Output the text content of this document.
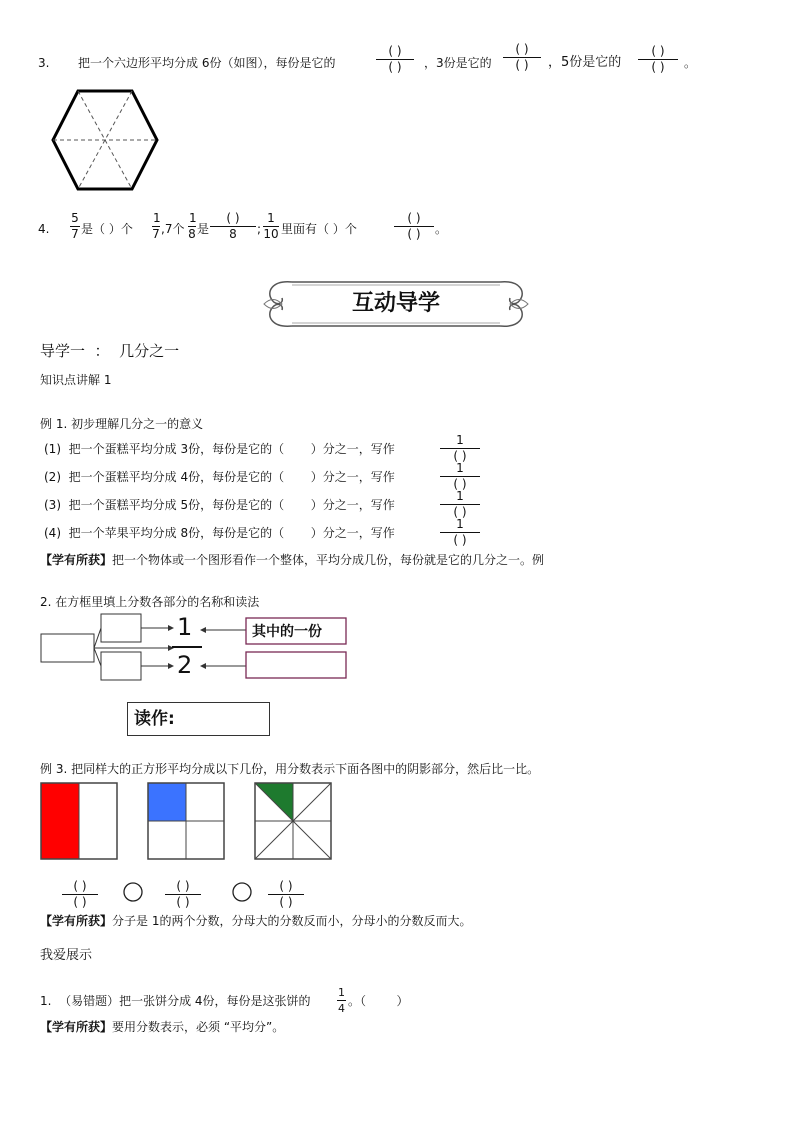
3. 把一个六边形平均分成 6份（如图），每份是它的
( )
( )	，3份是它的
( )
( )	，5份是它的
( )
( )	。
4.
5
7 是（ ）个
1
7 ,7个
1
8 是
( )
8	;
1
10 里面有（ ）个
( )
( )	。
互动导学
导学一  ：  几分之一
知识点讲解 1
例 1. 初步理解几分之一的意义
(1)  把一个蛋糕平均分成 3份，每份是它的（       ）分之一，写作
1
( )
(2)  把一个蛋糕平均分成 4份，每份是它的（       ）分之一，写作
1
( )
(3)  把一个蛋糕平均分成 5份，每份是它的（       ）分之一，写作
1
( )
(4)  把一个苹果平均分成 8份，每份是它的（       ）分之一，写作
1
( )
【学有所获】把一个物体或一个图形看作一个整体，平均分成几份，每份就是它的几分之一。例
2. 在方框里填上分数各部分的名称和读法
1
2
其中的一份
读作:
例 3. 把同样大的正方形平均分成以下几份，用分数表示下面各图中的阴影部分，然后比一比。
( )
( )
( )
( )
( )
( )
【学有所获】分子是 1的两个分数，分母大的分数反而小，分母小的分数反而大。
我爱展示
1.  （易错题）把一张饼分成 4份，每份是这张饼的
1
4
。（        ）
【学有所获】要用分数表示，必须 “平均分”。
